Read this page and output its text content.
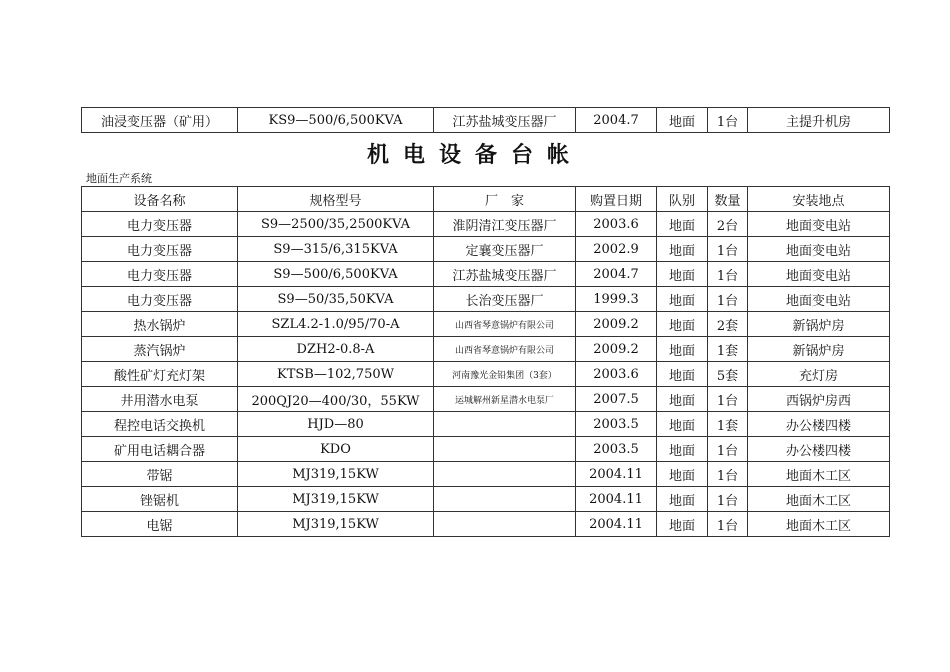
油浸变压器（矿用）	KS9—500/6,500KVA	江苏盐城变压器厂	2004.7	地面	1台	主提升机房
机电设备台帐
地面生产系统
设备名称	规格型号	厂　家	购置日期	队别	数量	安装地点
电力变压器	S9—2500/35,2500KVA	淮阴清江变压器厂	2003.6	地面	2台	地面变电站
电力变压器	S9—315/6,315KVA	定襄变压器厂	2002.9	地面	1台	地面变电站
电力变压器	S9—500/6,500KVA	江苏盐城变压器厂	2004.7	地面	1台	地面变电站
电力变压器	S9—50/35,50KVA	长治变压器厂	1999.3	地面	1台	地面变电站
热水锅炉	SZL4.2-1.0/95/70-A	山西省琴意锅炉有限公司	2009.2	地面	2套	新锅炉房
蒸汽锅炉	DZH2-0.8-A	山西省琴意锅炉有限公司	2009.2	地面	1套	新锅炉房
酸性矿灯充灯架	KTSB—102,750W	河南豫光金铅集团（3套）	2003.6	地面	5套	充灯房
井用潜水电泵	200QJ20—400/30，55KW	运城解州新星潜水电泵厂	2007.5	地面	1台	西锅炉房西
程控电话交换机	HJD—80		2003.5	地面	1套	办公楼四楼
矿用电话耦合器	KDO		2003.5	地面	1台	办公楼四楼
带锯	MJ319,15KW		2004.11	地面	1台	地面木工区
锉锯机	MJ319,15KW		2004.11	地面	1台	地面木工区
电锯	MJ319,15KW		2004.11	地面	1台	地面木工区
